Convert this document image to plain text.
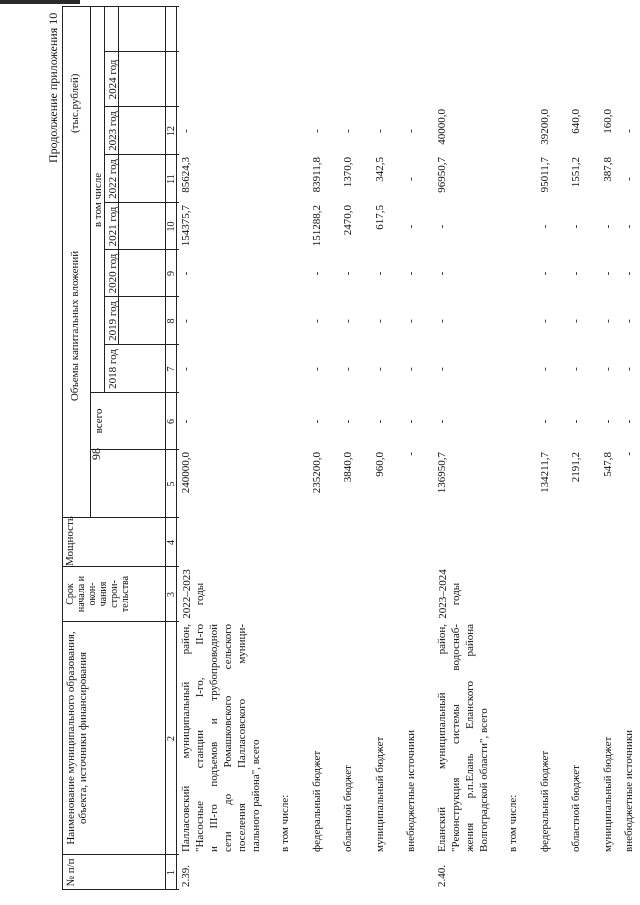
98
Продолжение приложения 10
№ п/п
Наименование муниципального образования, объекта, источники финансирования
Срок начала и окон- чания строи- тельства
Мощность
Объемы капитальных вложений
(тыс.рублей)
всего
в том числе
2018 год
2019 год
2020 год
2021 год
2022 год
2023 год
2024 год
1
2
3
4
5
6
7
8
9
10
11
12
2.39.
Палласовский муниципальный район, "Насосные станции I-го, II-го и III-го подъемов и трубопроводной сети до Ромашковского сельского поселения Палласовского муници- пального района", всего
2022–2023 годы
в том числе: федеральный бюджет областной бюджет муниципальный бюджет внебюджетные источники
240000,0
-
-
-
-
154375,7
85624,3
-
235200,0
-
-
-
-
151288,2
83911,8
-
3840,0
-
-
-
-
2470,0
1370,0
-
960,0
-
-
-
-
617,5
342,5
-
-
-
-
-
-
-
-
-
2.40.
Еланский муниципальный район, "Реконструкция системы водоснаб- жения р.п.Елань Еланского района Волгоградской области", всего
2023–2024 годы
в том числе: федеральный бюджет областной бюджет муниципальный бюджет внебюджетные источники
136950,7
-
-
-
-
-
96950,7
40000,0
134211,7
-
-
-
-
-
95011,7
39200,0
2191,2
-
-
-
-
-
1551,2
640,0
547,8
-
-
-
-
-
387,8
160,0
-
-
-
-
-
-
-
-
